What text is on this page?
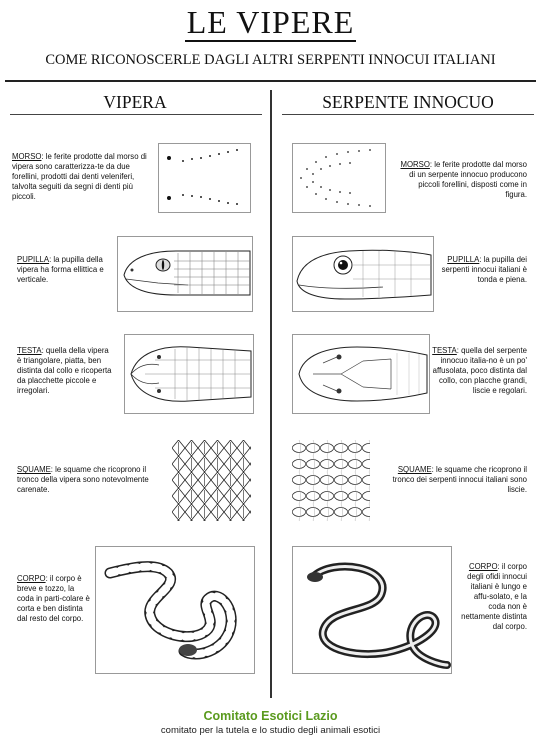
LE VIPERE
COME RICONOSCERLE DAGLI ALTRI SERPENTI INNOCUI ITALIANI
VIPERA	SERPENTE INNOCUO
MORSO: le ferite prodotte dal morso di vipera sono caratterizza-te da due forellini, prodotti dai denti veleniferi, talvolta seguiti da segni di denti più piccoli.
PUPILLA: la pupilla della vipera ha forma ellittica e verticale.
TESTA: quella della vipera è triangolare, piatta, ben distinta dal collo e ricoperta da placchette piccole e irregolari.
SQUAME: le squame che ricoprono il tronco della vipera sono notevolmente carenate.
CORPO: il corpo è breve e tozzo, la coda in parti-colare è corta e ben distinta dal resto del corpo.
MORSO: le ferite prodotte dal morso di un serpente innocuo producono piccoli forellini, disposti come in figura.
PUPILLA: la pupilla dei serpenti innocui italiani è tonda e piena.
TESTA: quella del serpente innocuo italia-no è un po' affusolata, poco distinta dal collo, con placche grandi, liscie e regolari.
SQUAME: le squame che ricoprono il tronco dei serpenti innocui italiani sono liscie.
CORPO: il corpo degli ofidi innocui italiani è lungo e affu-solato, e la coda non è nettamente distinta dal corpo.
Comitato Esotici Lazio
comitato per la tutela e lo studio degli animali esotici
